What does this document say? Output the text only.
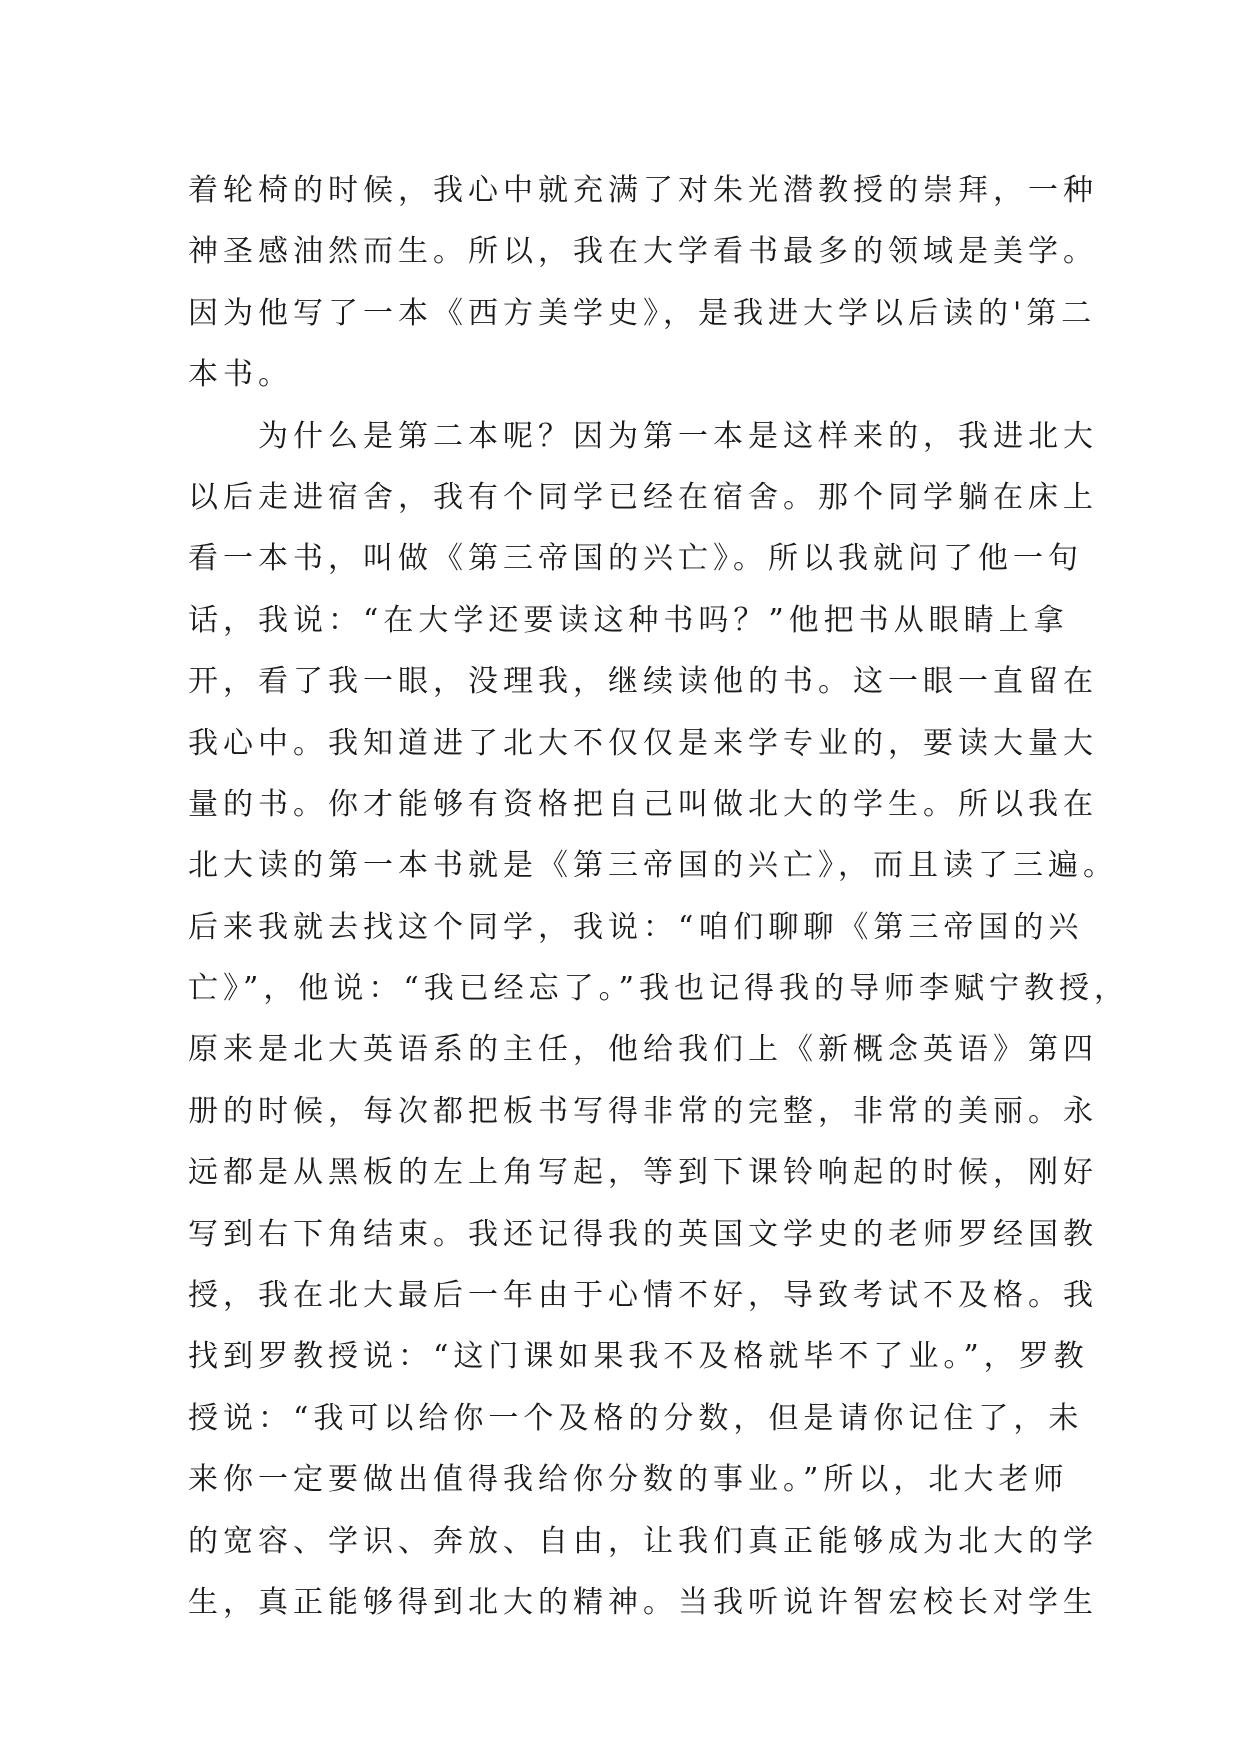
着轮椅的时候，我心中就充满了对朱光潜教授的崇拜，一种
神圣感油然而生。所以，我在大学看书最多的领域是美学。
因为他写了一本《西方美学史》，是我进大学以后读的'第二
本书。
为什么是第二本呢？因为第一本是这样来的，我进北大
以后走进宿舍，我有个同学已经在宿舍。那个同学躺在床上
看一本书，叫做《第三帝国的兴亡》。所以我就问了他一句
话，我说：“在大学还要读这种书吗？”他把书从眼睛上拿
开，看了我一眼，没理我，继续读他的书。这一眼一直留在
我心中。我知道进了北大不仅仅是来学专业的，要读大量大
量的书。你才能够有资格把自己叫做北大的学生。所以我在
北大读的第一本书就是《第三帝国的兴亡》，而且读了三遍。
后来我就去找这个同学，我说：“咱们聊聊《第三帝国的兴
亡》”，他说：“我已经忘了。”我也记得我的导师李赋宁教授，
原来是北大英语系的主任，他给我们上《新概念英语》第四
册的时候，每次都把板书写得非常的完整，非常的美丽。永
远都是从黑板的左上角写起，等到下课铃响起的时候，刚好
写到右下角结束。我还记得我的英国文学史的老师罗经国教
授，我在北大最后一年由于心情不好，导致考试不及格。我
找到罗教授说：“这门课如果我不及格就毕不了业。”，罗教
授说：“我可以给你一个及格的分数，但是请你记住了，未
来你一定要做出值得我给你分数的事业。”所以，北大老师
的宽容、学识、奔放、自由，让我们真正能够成为北大的学
生，真正能够得到北大的精神。当我听说许智宏校长对学生
